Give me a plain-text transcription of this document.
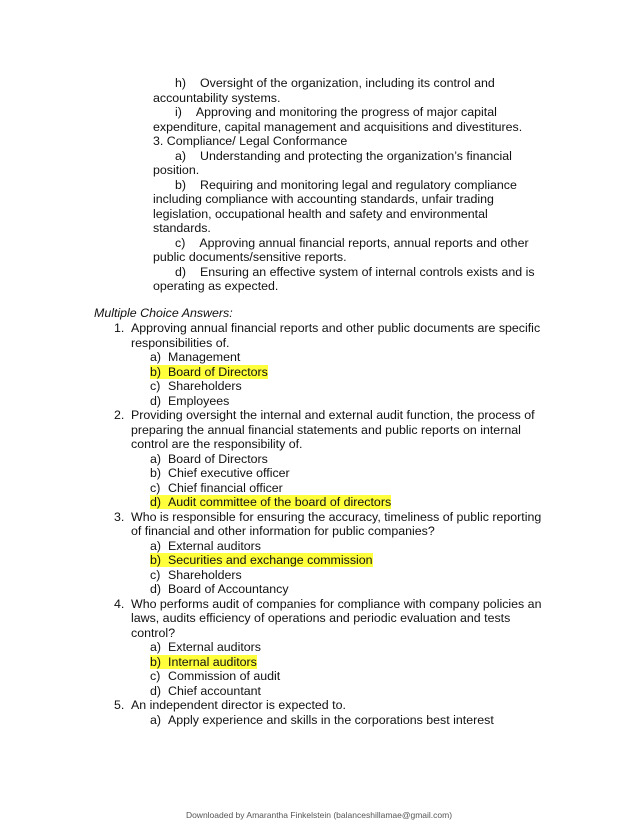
h) Oversight of the organization, including its control and

accountability systems.

i) Approving and monitoring the progress of major capital

expenditure, capital management and acquisitions and divestitures.

3. Compliance/ Legal Conformance

a) Understanding and protecting the organization’s financial

position.

b) Requiring and monitoring legal and regulatory compliance

including compliance with accounting standards, unfair trading

legislation, occupational health and safety and environmental

standards.

c) Approving annual financial reports, annual reports and other

public documents/sensitive reports.

d) Ensuring an effective system of internal controls exists and is

operating as expected.

Multiple Choice Answers:

1. Approving annual financial reports and other public documents are specific responsibilities of.
a) Management
b) Board of Directors
c) Shareholders
d) Employees
2. Providing oversight the internal and external audit function, the process of preparing the annual financial statements and public reports on internal control are the responsibility of.
a) Board of Directors
b) Chief executive officer
c) Chief financial officer
d) Audit committee of the board of directors
3. Who is responsible for ensuring the accuracy, timeliness of public reporting of financial and other information for public companies?
a) External auditors
b) Securities and exchange commission
c) Shareholders
d) Board of Accountancy
4. Who performs audit of companies for compliance with company policies an laws, audits efficiency of operations and periodic evaluation and tests control?
a) External auditors
b) Internal auditors
c) Commission of audit
d) Chief accountant
5. An independent director is expected to.
a) Apply experience and skills in the corporations best interest
Downloaded by Amarantha Finkelstein (balanceshillamae@gmail.com)
